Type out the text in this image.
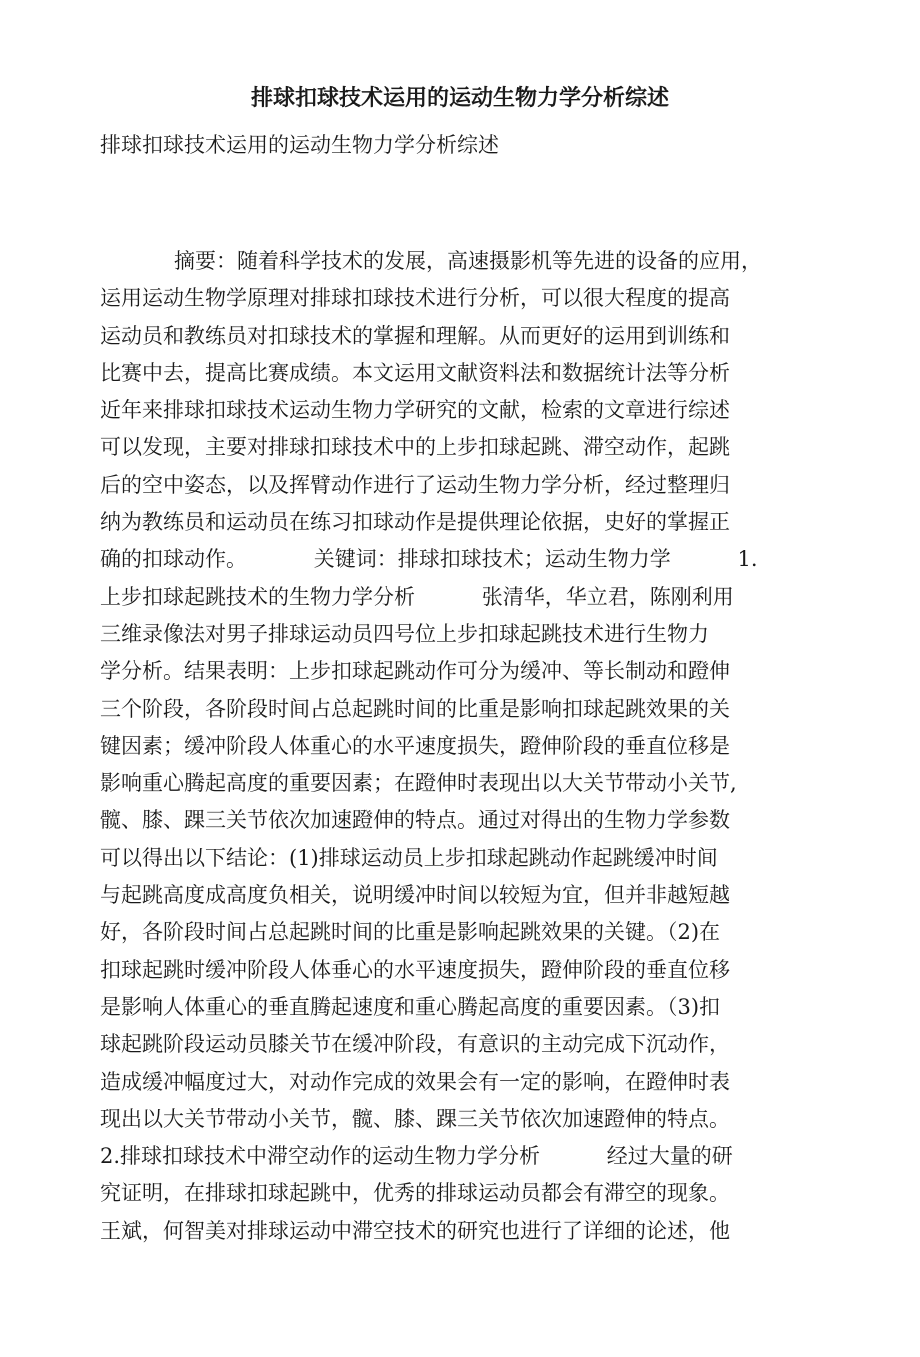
排球扣球技术运用的运动生物力学分析综述

排球扣球技术运用的运动生物力学分析综述

摘要：随着科学技术的发展，高速摄影机等先进的设备的应用，
运用运动生物学原理对排球扣球技术进行分析，可以很大程度的提高
运动员和教练员对扣球技术的掌握和理解。从而更好的运用到训练和
比赛中去，提高比赛成绩。本文运用文献资料法和数据统计法等分析
近年来排球扣球技术运动生物力学研究的文献，检索的文章进行综述
可以发现，主要对排球扣球技术中的上步扣球起跳、滞空动作，起跳
后的空中姿态，以及挥臂动作进行了运动生物力学分析，经过整理归
纳为教练员和运动员在练习扣球动作是提供理论依据，史好的掌握正
确的扣球动作。          关键词：排球扣球技术；运动生物力学          1.
上步扣球起跳技术的生物力学分析          张清华，华立君，陈刚利用
三维录像法对男子排球运动员四号位上步扣球起跳技术进行生物力
学分析。结果表明：上步扣球起跳动作可分为缓冲、等长制动和蹬伸
三个阶段，各阶段时间占总起跳时间的比重是影响扣球起跳效果的关
键因素；缓冲阶段人体重心的水平速度损失，蹬伸阶段的垂直位移是
影响重心腾起高度的重要因素；在蹬伸时表现出以大关节带动小关节,
髋、膝、踝三关节依次加速蹬伸的特点。通过对得出的生物力学参数
可以得出以下结论：(1)排球运动员上步扣球起跳动作起跳缓冲时间
与起跳高度成高度负相关，说明缓冲时间以较短为宜，但并非越短越
好，各阶段时间占总起跳时间的比重是影响起跳效果的关键。（2)在
扣球起跳时缓冲阶段人体垂心的水平速度损失，蹬伸阶段的垂直位移
是影响人体重心的垂直腾起速度和重心腾起高度的重要因素。（3)扣
球起跳阶段运动员膝关节在缓冲阶段，有意识的主动完成下沉动作，
造成缓冲幅度过大，对动作完成的效果会有一定的影响，在蹬伸时表
现出以大关节带动小关节，髋、膝、踝三关节依次加速蹬伸的特点。
2.排球扣球技术中滞空动作的运动生物力学分析          经过大量的研
究证明，在排球扣球起跳中，优秀的排球运动员都会有滞空的现象。
王斌，何智美对排球运动中滞空技术的研究也进行了详细的论述，他
